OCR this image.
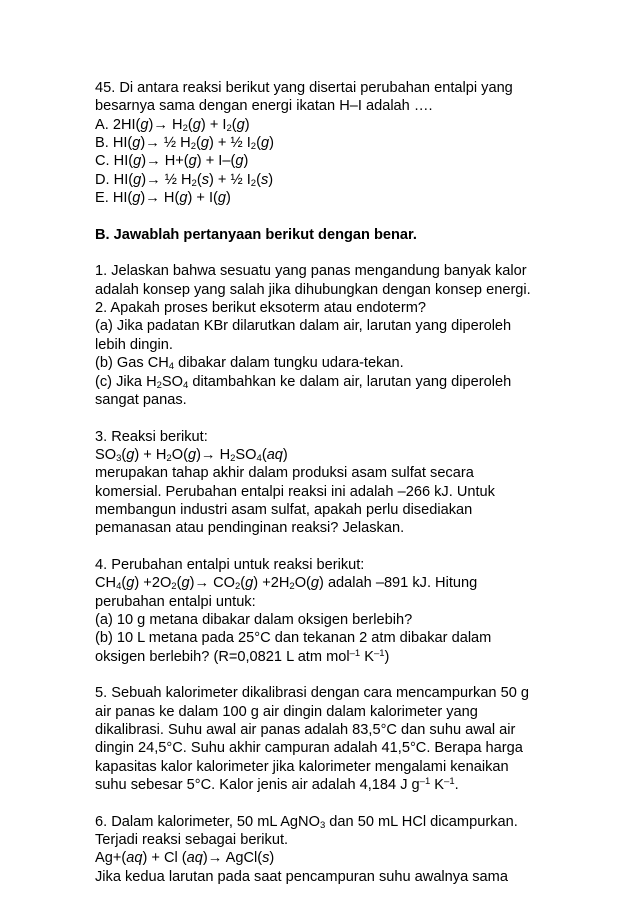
45. Di antara reaksi berikut yang disertai perubahan entalpi yang
besarnya sama dengan energi ikatan H–I adalah ….
A. $2HI(g)\to H_2(g) + I_2(g)$
B. HI(g)→ ½ $H_2(g)$ + ½ $I_2(g)$
C. HI(g)→ H+(g) + I–(g)
D. HI(g)→ ½ $H_2(s)$ + ½ $I_2(s)$
E. HI(g)→ H(g) + I(g)
B. Jawablah pertanyaan berikut dengan benar.
1. Jelaskan bahwa sesuatu yang panas mengandung banyak kalor
adalah konsep yang salah jika dihubungkan dengan konsep energi.
2. Apakah proses berikut eksoterm atau endoterm?
(a) Jika padatan KBr dilarutkan dalam air, larutan yang diperoleh
lebih dingin.
(b) Gas $CH_4$ dibakar dalam tungku udara-tekan.
(c) Jika $H_2SO_4$ ditambahkan ke dalam air, larutan yang diperoleh
sangat panas.
3. Reaksi berikut:
$SO_3(g) + H_2O(g)\to H_2SO_4(aq)$
merupakan tahap akhir dalam produksi asam sulfat secara
komersial. Perubahan entalpi reaksi ini adalah –266 kJ. Untuk
membangun industri asam sulfat, apakah perlu disediakan
pemanasan atau pendinginan reaksi? Jelaskan.
4. Perubahan entalpi untuk reaksi berikut:
$CH_4(g) +2O_2(g)\to CO_2(g) +2H_2O(g)$ adalah –891 kJ. Hitung
perubahan entalpi untuk:
(a) 10 g metana dibakar dalam oksigen berlebih?
(b) 10 L metana pada 25°C dan tekanan 2 atm dibakar dalam
oksigen berlebih? (R=0,0821 L atm mol$^{-1}$ $K^{-1}$)
5. Sebuah kalorimeter dikalibrasi dengan cara mencampurkan 50 g
air panas ke dalam 100 g air dingin dalam kalorimeter yang
dikalibrasi. Suhu awal air panas adalah 83,5°C dan suhu awal air
dingin 24,5°C. Suhu akhir campuran adalah 41,5°C. Berapa harga
kapasitas kalor kalorimeter jika kalorimeter mengalami kenaikan
suhu sebesar 5°C. Kalor jenis air adalah 4,184 J $g^{-1}$ $K^{-1}$.
6. Dalam kalorimeter, 50 mL AgNO$_3$ dan 50 mL HCl dicampurkan.
Terjadi reaksi sebagai berikut.
Ag+(aq) + Cl (aq)→ AgCl(s)
Jika kedua larutan pada saat pencampuran suhu awalnya sama
